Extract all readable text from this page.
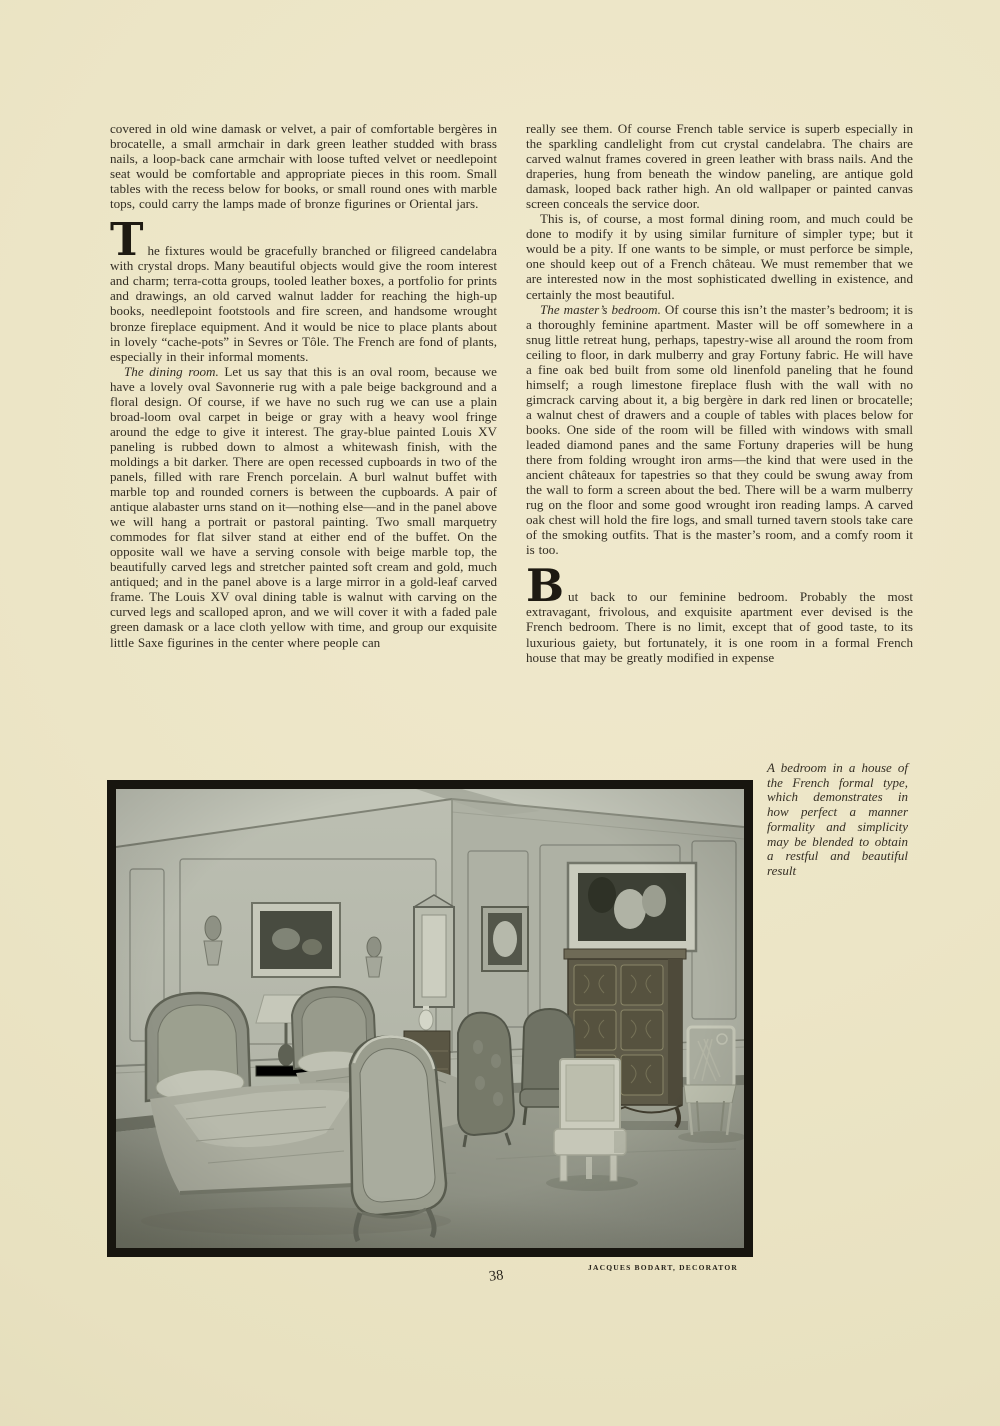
covered in old wine damask or velvet, a pair of comfortable bergères in brocatelle, a small armchair in dark green leather studded with brass nails, a loop-back cane armchair with loose tufted velvet or needlepoint seat would be comfortable and appropriate pieces in this room. Small tables with the recess below for books, or small round ones with marble tops, could carry the lamps made of bronze figurines or Oriental jars.

The fixtures would be gracefully branched or filigreed candelabra with crystal drops. Many beautiful objects would give the room interest and charm; terra-cotta groups, tooled leather boxes, a portfolio for prints and drawings, an old carved walnut ladder for reaching the high-up books, needlepoint footstools and fire screen, and handsome wrought bronze fireplace equipment. And it would be nice to place plants about in lovely “cache-pots” in Sevres or Tôle. The French are fond of plants, especially in their informal moments.

The dining room. Let us say that this is an oval room, because we have a lovely oval Savonnerie rug with a pale beige background and a floral design. Of course, if we have no such rug we can use a plain broad-loom oval carpet in beige or gray with a heavy wool fringe around the edge to give it interest. The gray-blue painted Louis XV paneling is rubbed down to almost a whitewash finish, with the moldings a bit darker. There are open recessed cupboards in two of the panels, filled with rare French porcelain. A burl walnut buffet with marble top and rounded corners is between the cupboards. A pair of antique alabaster urns stand on it—nothing else—and in the panel above we will hang a portrait or pastoral painting. Two small marquetry commodes for flat silver stand at either end of the buffet. On the opposite wall we have a serving console with beige marble top, the beautifully carved legs and stretcher painted soft cream and gold, much antiqued; and in the panel above is a large mirror in a gold-leaf carved frame. The Louis XV oval dining table is walnut with carving on the curved legs and scalloped apron, and we will cover it with a faded pale green damask or a lace cloth yellow with time, and group our exquisite little Saxe figurines in the center where people can

really see them. Of course French table service is superb especially in the sparkling candlelight from cut crystal candelabra. The chairs are carved walnut frames covered in green leather with brass nails. And the draperies, hung from beneath the window paneling, are antique gold damask, looped back rather high. An old wallpaper or painted canvas screen conceals the service door.

This is, of course, a most formal dining room, and much could be done to modify it by using similar furniture of simpler type; but it would be a pity. If one wants to be simple, or must perforce be simple, one should keep out of a French château. We must remember that we are interested now in the most sophisticated dwelling in existence, and certainly the most beautiful.

The master’s bedroom. Of course this isn’t the master’s bedroom; it is a thoroughly feminine apartment. Master will be off somewhere in a snug little retreat hung, perhaps, tapestry-wise all around the room from ceiling to floor, in dark mulberry and gray Fortuny fabric. He will have a fine oak bed built from some old linenfold paneling that he found himself; a rough limestone fireplace flush with the wall with no gimcrack carving about it, a big bergère in dark red linen or brocatelle; a walnut chest of drawers and a couple of tables with places below for books. One side of the room will be filled with windows with small leaded diamond panes and the same Fortuny draperies will be hung there from folding wrought iron arms—the kind that were used in the ancient châteaux for tapestries so that they could be swung away from the wall to form a screen about the bed. There will be a warm mulberry rug on the floor and some good wrought iron reading lamps. A carved oak chest will hold the fire logs, and small turned tavern stools take care of the smoking outfits. That is the master’s room, and a comfy room it is too.

But back to our feminine bedroom. Probably the most extravagant, frivolous, and exquisite apartment ever devised is the French bedroom. There is no limit, except that of good taste, to its luxurious gaiety, but fortunately, it is one room in a formal French house that may be greatly modified in expense

A bedroom in a house of the French formal type, which demonstrates in how perfect a manner formality and simplicity may be blended to obtain a restful and beautiful result
JACQUES BODART, DECORATOR
38
